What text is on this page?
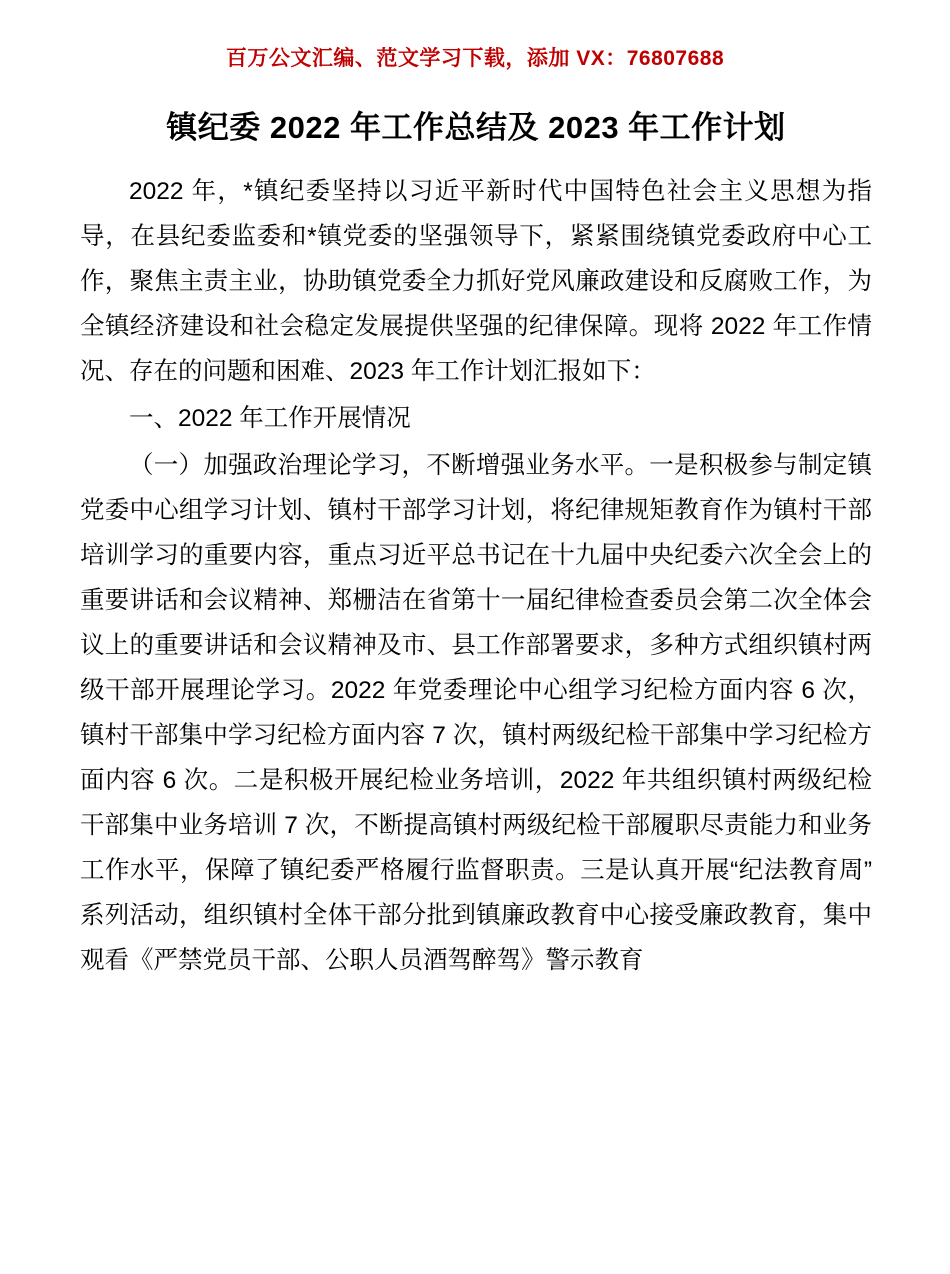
百万公文汇编、范文学习下载，添加 VX：76807688
镇纪委 2022 年工作总结及 2023 年工作计划

2022 年，*镇纪委坚持以习近平新时代中国特色社会主义思想为指导，在县纪委监委和*镇党委的坚强领导下，紧紧围绕镇党委政府中心工作，聚焦主责主业，协助镇党委全力抓好党风廉政建设和反腐败工作，为全镇经济建设和社会稳定发展提供坚强的纪律保障。现将 2022 年工作情况、存在的问题和困难、2023 年工作计划汇报如下：

一、2022 年工作开展情况

（一）加强政治理论学习，不断增强业务水平。一是积极参与制定镇党委中心组学习计划、镇村干部学习计划，将纪律规矩教育作为镇村干部培训学习的重要内容，重点习近平总书记在十九届中央纪委六次全会上的重要讲话和会议精神、郑栅洁在省第十一届纪律检查委员会第二次全体会议上的重要讲话和会议精神及市、县工作部署要求，多种方式组织镇村两级干部开展理论学习。2022 年党委理论中心组学习纪检方面内容 6 次，镇村干部集中学习纪检方面内容 7 次，镇村两级纪检干部集中学习纪检方面内容 6 次。二是积极开展纪检业务培训，2022 年共组织镇村两级纪检干部集中业务培训 7 次，不断提高镇村两级纪检干部履职尽责能力和业务工作水平，保障了镇纪委严格履行监督职责。三是认真开展“纪法教育周”系列活动，组织镇村全体干部分批到镇廉政教育中心接受廉政教育，集中观看《严禁党员干部、公职人员酒驾醉驾》警示教育
